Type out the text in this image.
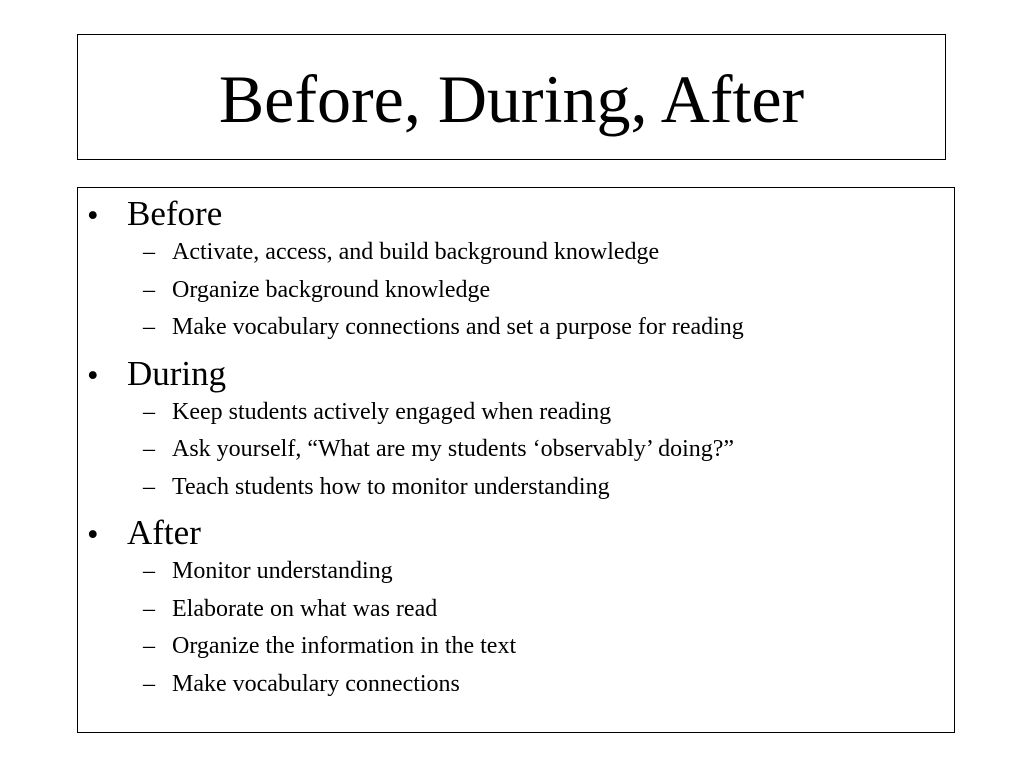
Before, During, After
• Before
– Activate, access, and build background knowledge
– Organize background knowledge
– Make vocabulary connections and set a purpose for reading
• During
– Keep students actively engaged when reading
– Ask yourself, “What are my students ‘observably’ doing?”
– Teach students how to monitor understanding
• After
– Monitor understanding
– Elaborate on what was read
– Organize the information in the text
– Make vocabulary connections
